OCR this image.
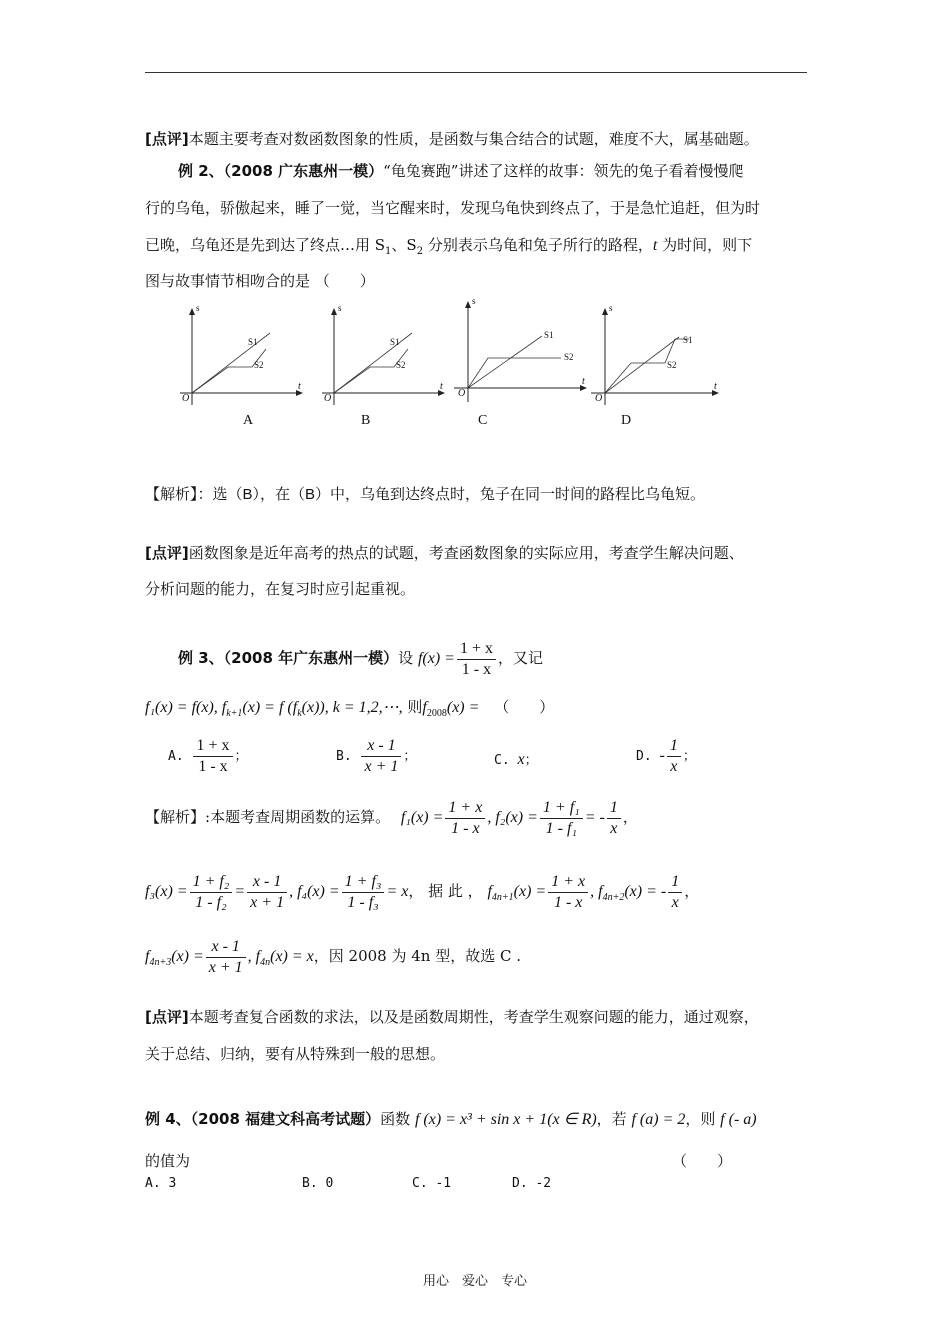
[点评]本题主要考查对数函数图象的性质，是函数与集合结合的试题，难度不大，属基础题。
例 2、（2008 广东惠州一模）“龟兔赛跑”讲述了这样的故事：领先的兔子看着慢慢爬
行的乌龟，骄傲起来，睡了一觉，当它醒来时，发现乌龟快到终点了，于是急忙追赶，但为时
已晚，乌龟还是先到达了终点…用 $S_1$、$S_2$ 分别表示乌龟和兔子所行的路程，t 为时间，则下
图与故事情节相吻合的是 （　　）
s
t
O
S1
S2
A
s
t
O
S1
S2
B
s
t
O
S1
S2
C
s
t
O
S1
S2
D
【解析】：选（B），在（B）中，乌龟到达终点时，兔子在同一时间的路程比乌龟短。
[点评]函数图象是近年高考的热点的试题，考查函数图象的实际应用，考查学生解决问题、
分析问题的能力，在复习时应引起重视。
例 3、（2008 年广东惠州一模）设 $f(x) = \frac{1 + x}{1 - x}$ ，又记
f₁(x) = f(x), $f_{k+1}(x) = f$ $(f_k(x))$, k = 1,2,⋯, 则$f_{2008}(x)$ = （　　）
A. $\frac{1 + x}{1 - x}$ ；	B. $\frac{x - 1}{x + 1}$ ；	C. x；	D. - $\frac{1}{x}$ ；
【解析】:本题考查周期函数的运算。 $f_1(x) = \frac{1 + x}{1 - x}$ , $f_2(x) = \frac{\text{1 + f₁}}{\text{1 - f₁}}$ = - $\frac{1}{x}$ ，
$f_3(x) = \frac{\text{1 + f₂}}{\text{1 - f₂}} = \frac{x - 1}{x + 1}$ , $f_4(x) = \frac{\text{1 + f₃}}{\text{1 - f₃}} = x$， 据 此 ， $f_{4n+1}(x) = \frac{1 + x}{1 - x}$ , $f_{4n+2}(x)$ = - $\frac{1}{x}$ ，
$f_{4n+3}(x) = \frac{x - 1}{x + 1}$ , $f_{4n}(x) = x$，因 2008 为 4n 型，故选 C .
[点评]本题考查复合函数的求法，以及是函数周期性，考查学生观察问题的能力，通过观察，
关于总结、归纳，要有从特殊到一般的思想。
例 4、（2008 福建文科高考试题）函数 f (x) = x³ + sin x + 1(x ∈ R)，若 f (a) = 2，则 f (- a)
的值为	（　　）
A. 3	B. 0	C. -1	D. -2
用心　爱心　专心
